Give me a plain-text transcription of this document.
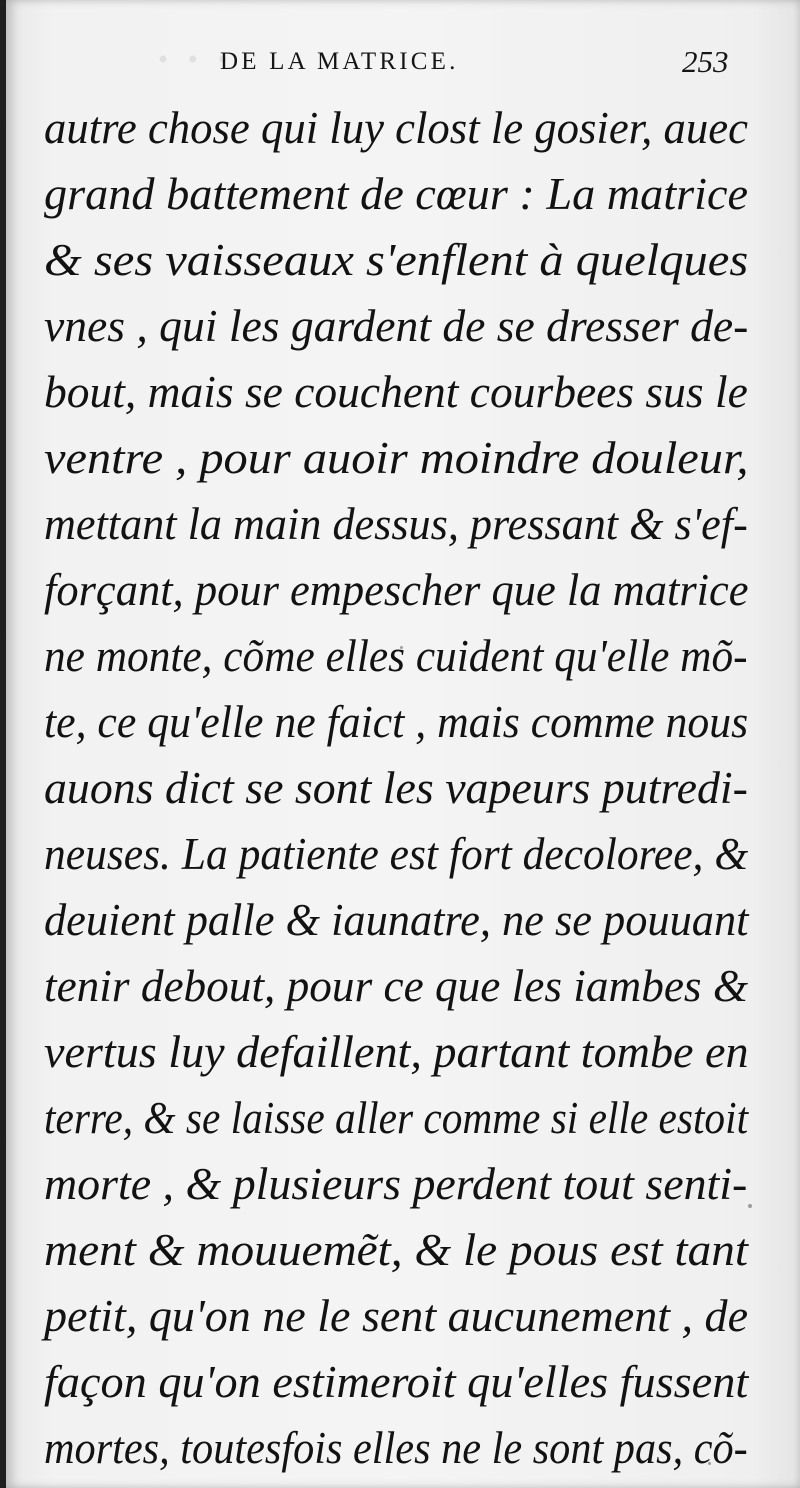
• • •
DE LA MATRICE.	253
autre chose qui luy clost le gosier, auec
grand battement de cœur : La matrice
& ses vaisseaux s'enflent à quelques
vnes , qui les gardent de se dresser de-
bout, mais se couchent courbees sus le
ventre , pour auoir moindre douleur,
mettant la main dessus, pressant & s'ef-
forçant, pour empescher que la matrice
ne monte, cõme elles cuident qu'elle mõ-
te, ce qu'elle ne faict , mais comme nous
auons dict se sont les vapeurs putredi-
neuses. La patiente est fort decoloree, &
deuient palle & iaunatre, ne se pouuant
tenir debout, pour ce que les iambes &
vertus luy defaillent, partant tombe en
terre, & se laisse aller comme si elle estoit
morte , & plusieurs perdent tout senti-
ment & mouuemẽt, & le pous est tant
petit, qu'on ne le sent aucunement , de
façon qu'on estimeroit qu'elles fussent
mortes, toutesfois elles ne le sont pas, cõ-
